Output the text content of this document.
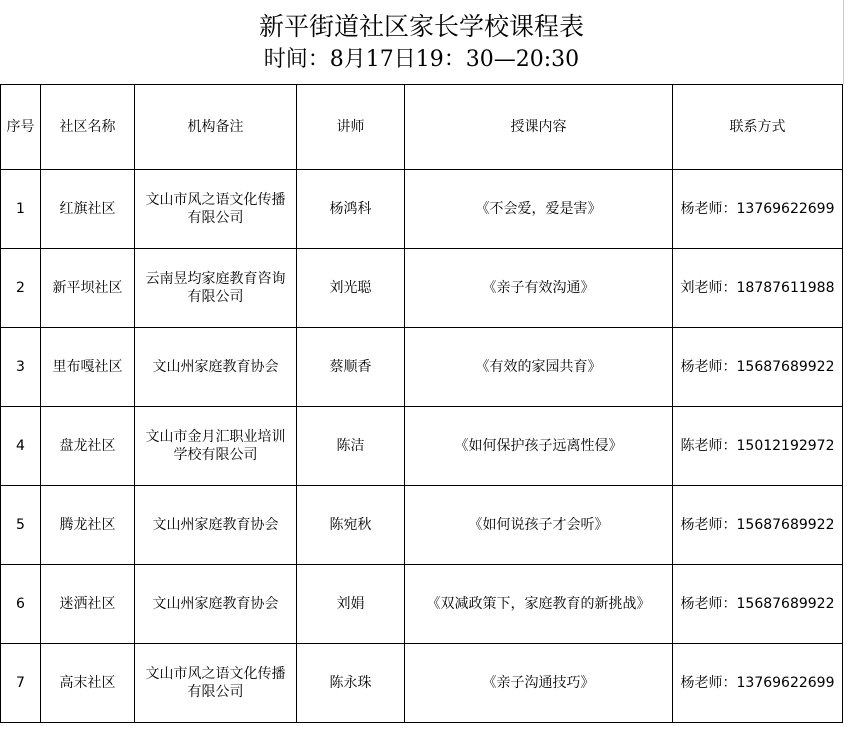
新平街道社区家长学校课程表
时间：8月17日19：30—20:30
序号	社区名称	机构备注	讲师	授课内容	联系方式
1	红旗社区	文山市风之语文化传播有限公司	杨鸿科	《不会爱，爱是害》	杨老师：13769622699
2	新平坝社区	云南昱均家庭教育咨询有限公司	刘光聪	《亲子有效沟通》	刘老师：18787611988
3	里布嘎社区	文山州家庭教育协会	蔡顺香	《有效的家园共育》	杨老师：15687689922
4	盘龙社区	文山市金月汇职业培训学校有限公司	陈洁	《如何保护孩子远离性侵》	陈老师：15012192972
5	腾龙社区	文山州家庭教育协会	陈宛秋	《如何说孩子才会听》	杨老师：15687689922
6	迷洒社区	文山州家庭教育协会	刘娟	《双减政策下，家庭教育的新挑战》	杨老师：15687689922
7	高末社区	文山市风之语文化传播有限公司	陈永珠	《亲子沟通技巧》	杨老师：13769622699
